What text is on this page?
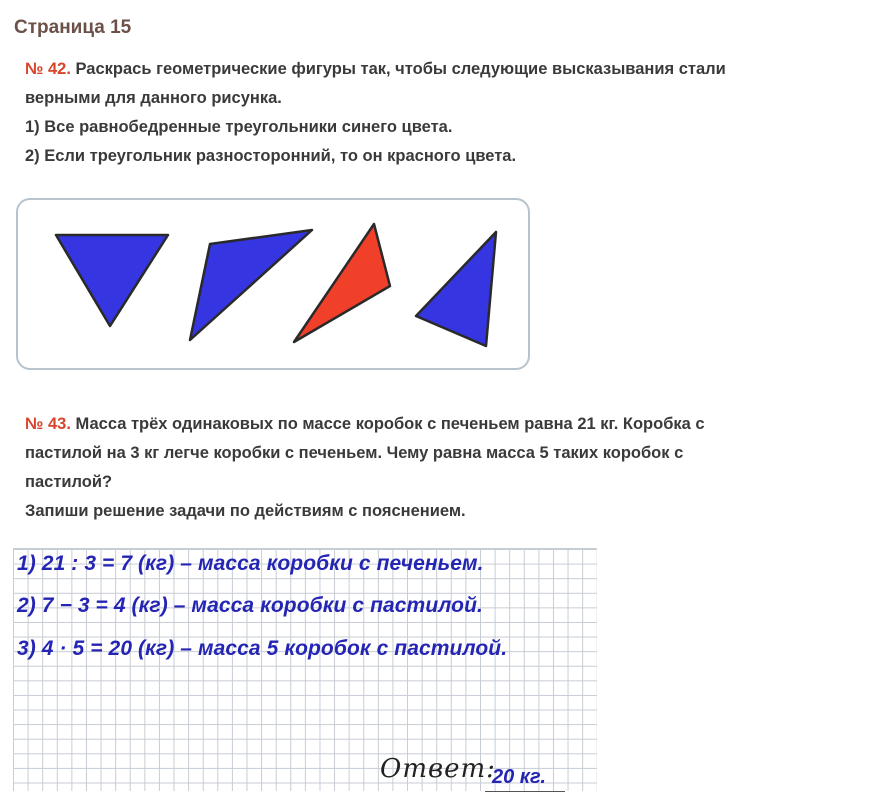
Страница 15

№ 42. Раскрась геометрические фигуры так, чтобы следующие высказывания стали

верными для данного рисунка.

1) Все равнобедренные треугольники синего цвета.

2) Если треугольник разносторонний, то он красного цвета.

№ 43. Масса трёх одинаковых по массе коробок с печеньем равна 21 кг. Коробка с

пастилой на 3 кг легче коробки с печеньем. Чему равна масса 5 таких коробок с

пастилой?

Запиши решение задачи по действиям с пояснением.

1) 21 : 3 = 7 (кг) – масса коробки с печеньем.
2) 7 − 3 = 4 (кг) – масса коробки с пастилой.
3) 4 · 5 = 20 (кг) – масса 5 коробок с пастилой.
Ответ:
20 кг.
